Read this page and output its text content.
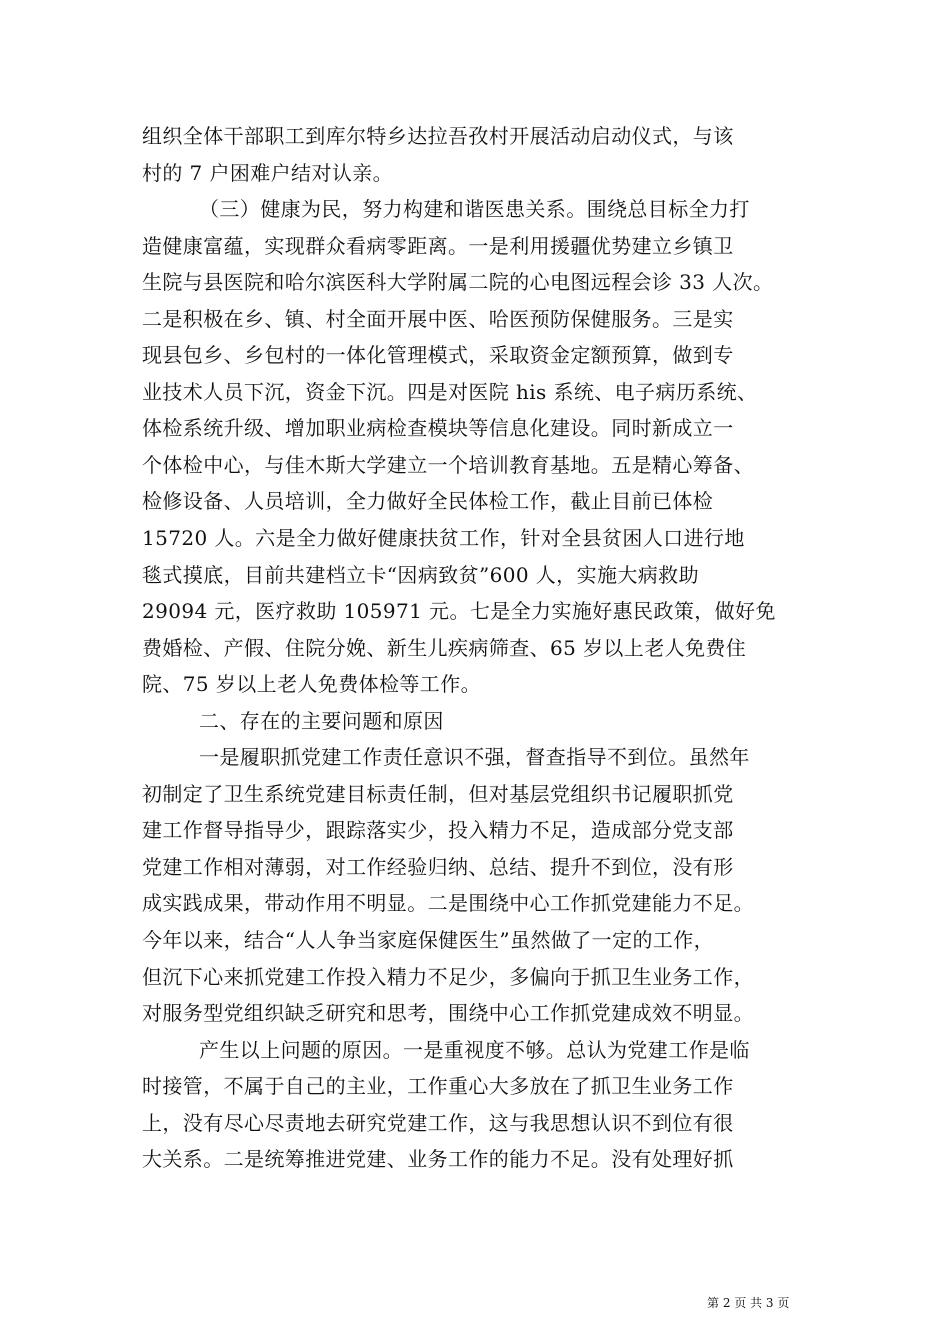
组织全体干部职工到库尔特乡达拉吾孜村开展活动启动仪式，与该
村的 7 户困难户结对认亲。
（三）健康为民，努力构建和谐医患关系。围绕总目标全力打
造健康富蕴，实现群众看病零距离。一是利用援疆优势建立乡镇卫
生院与县医院和哈尔滨医科大学附属二院的心电图远程会诊 33 人次。
二是积极在乡、镇、村全面开展中医、哈医预防保健服务。三是实
现县包乡、乡包村的一体化管理模式，采取资金定额预算，做到专
业技术人员下沉，资金下沉。四是对医院 his 系统、电子病历系统、
体检系统升级、增加职业病检查模块等信息化建设。同时新成立一
个体检中心，与佳木斯大学建立一个培训教育基地。五是精心筹备、
检修设备、人员培训，全力做好全民体检工作，截止目前已体检
15720 人。六是全力做好健康扶贫工作，针对全县贫困人口进行地
毯式摸底，目前共建档立卡“因病致贫”600 人，实施大病救助
29094 元，医疗救助 105971 元。七是全力实施好惠民政策，做好免
费婚检、产假、住院分娩、新生儿疾病筛查、65 岁以上老人免费住
院、75 岁以上老人免费体检等工作。
二、存在的主要问题和原因
一是履职抓党建工作责任意识不强，督查指导不到位。虽然年
初制定了卫生系统党建目标责任制，但对基层党组织书记履职抓党
建工作督导指导少，跟踪落实少，投入精力不足，造成部分党支部
党建工作相对薄弱，对工作经验归纳、总结、提升不到位，没有形
成实践成果，带动作用不明显。二是围绕中心工作抓党建能力不足。
今年以来，结合“人人争当家庭保健医生”虽然做了一定的工作，
但沉下心来抓党建工作投入精力不足少，多偏向于抓卫生业务工作，
对服务型党组织缺乏研究和思考，围绕中心工作抓党建成效不明显。
产生以上问题的原因。一是重视度不够。总认为党建工作是临
时接管，不属于自己的主业，工作重心大多放在了抓卫生业务工作
上，没有尽心尽责地去研究党建工作，这与我思想认识不到位有很
大关系。二是统筹推进党建、业务工作的能力不足。没有处理好抓
第 2 页 共 3 页
